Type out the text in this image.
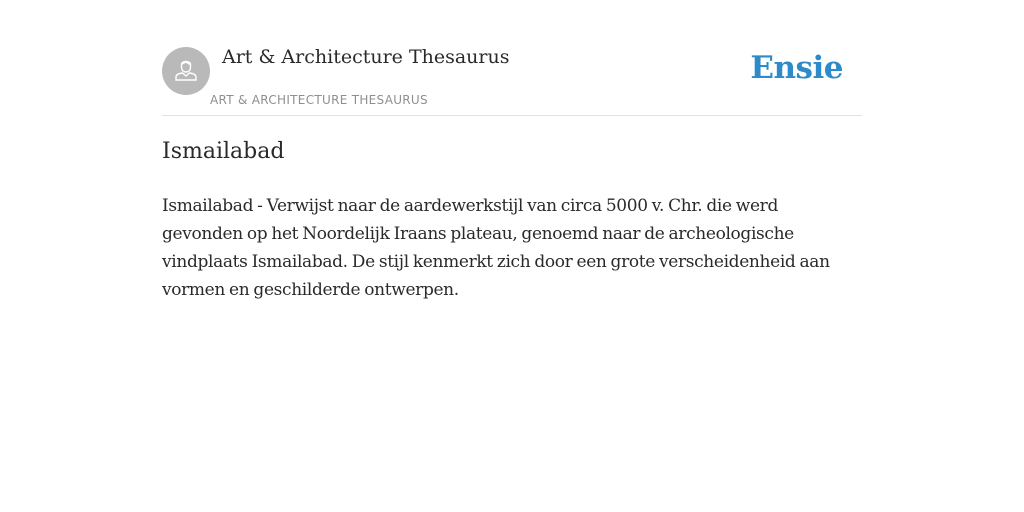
Art & Architecture Thesaurus
ART & ARCHITECTURE THESAURUS
Ensie
Ismailabad

Ismailabad - Verwijst naar de aardewerkstijl van circa 5000 v. Chr. die werd gevonden op het Noordelijk Iraans plateau, genoemd naar de archeologische vindplaats Ismailabad. De stijl kenmerkt zich door een grote verscheidenheid aan vormen en geschilderde ontwerpen.
